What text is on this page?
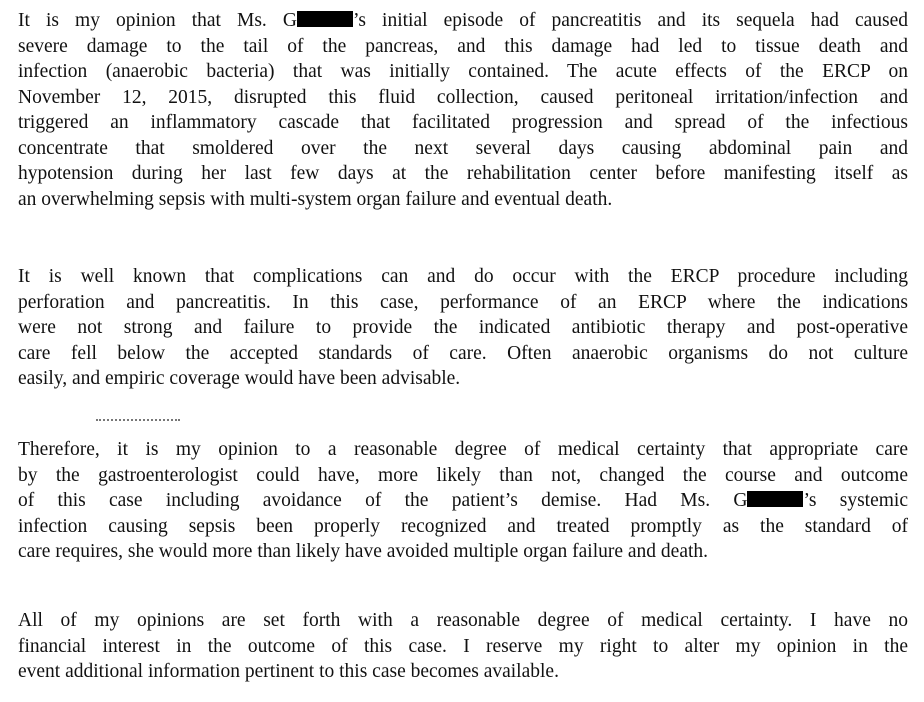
It is my opinion that Ms. G	’s initial episode of pancreatitis and its sequela had caused
severe damage to the tail of the pancreas, and this damage had led to tissue death and
infection (anaerobic bacteria) that was initially contained. The acute effects of the ERCP on
November 12, 2015, disrupted this fluid collection, caused peritoneal irritation/infection and
triggered an inflammatory cascade that facilitated progression and spread of the infectious
concentrate that smoldered over the next several days causing abdominal pain and
hypotension during her last few days at the rehabilitation center before manifesting itself as
an overwhelming sepsis with multi-system organ failure and eventual death.
It is well known that complications can and do occur with the ERCP procedure including
perforation and pancreatitis. In this case, performance of an ERCP where the indications
were not strong and failure to provide the indicated antibiotic therapy and post-operative
care fell below the accepted standards of care. Often anaerobic organisms do not culture
easily, and empiric coverage would have been advisable.
Therefore, it is my opinion to a reasonable degree of medical certainty that appropriate care
by the gastroenterologist could have, more likely than not, changed the course and outcome
of this case including avoidance of the patient’s demise. Had Ms. G	’s systemic
infection causing sepsis been properly recognized and treated promptly as the standard of
care requires, she would more than likely have avoided multiple organ failure and death.
All of my opinions are set forth with a reasonable degree of medical certainty. I have no
financial interest in the outcome of this case. I reserve my right to alter my opinion in the
event additional information pertinent to this case becomes available.
